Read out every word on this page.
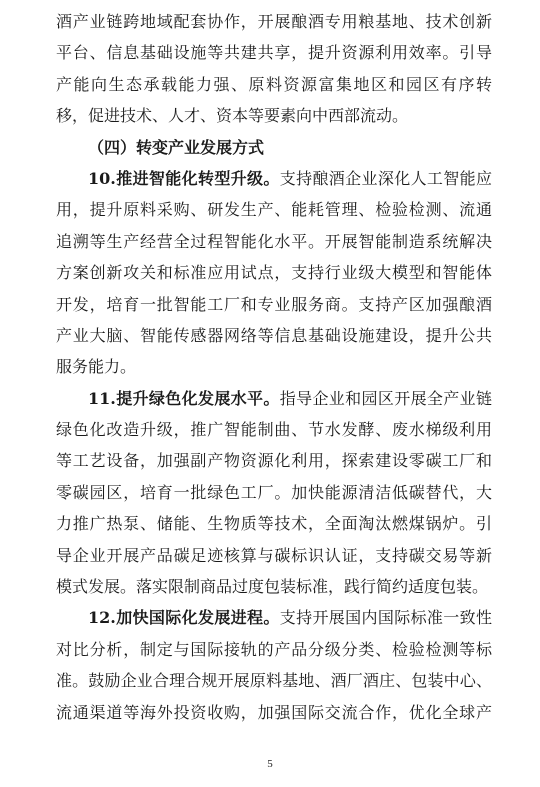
酒产业链跨地域配套协作，开展酿酒专用粮基地、技术创新
平台、信息基础设施等共建共享，提升资源利用效率。引导
产能向生态承载能力强、原料资源富集地区和园区有序转
移，促进技术、人才、资本等要素向中西部流动。
（四）转变产业发展方式
10.推进智能化转型升级。支持酿酒企业深化人工智能应
用，提升原料采购、研发生产、能耗管理、检验检测、流通
追溯等生产经营全过程智能化水平。开展智能制造系统解决
方案创新攻关和标准应用试点，支持行业级大模型和智能体
开发，培育一批智能工厂和专业服务商。支持产区加强酿酒
产业大脑、智能传感器网络等信息基础设施建设，提升公共
服务能力。
11.提升绿色化发展水平。指导企业和园区开展全产业链
绿色化改造升级，推广智能制曲、节水发酵、废水梯级利用
等工艺设备，加强副产物资源化利用，探索建设零碳工厂和
零碳园区，培育一批绿色工厂。加快能源清洁低碳替代，大
力推广热泵、储能、生物质等技术，全面淘汰燃煤锅炉。引
导企业开展产品碳足迹核算与碳标识认证，支持碳交易等新
模式发展。落实限制商品过度包装标准，践行简约适度包装。
12.加快国际化发展进程。支持开展国内国际标准一致性
对比分析，制定与国际接轨的产品分级分类、检验检测等标
准。鼓励企业合理合规开展原料基地、酒厂酒庄、包装中心、
流通渠道等海外投资收购，加强国际交流合作，优化全球产
5
